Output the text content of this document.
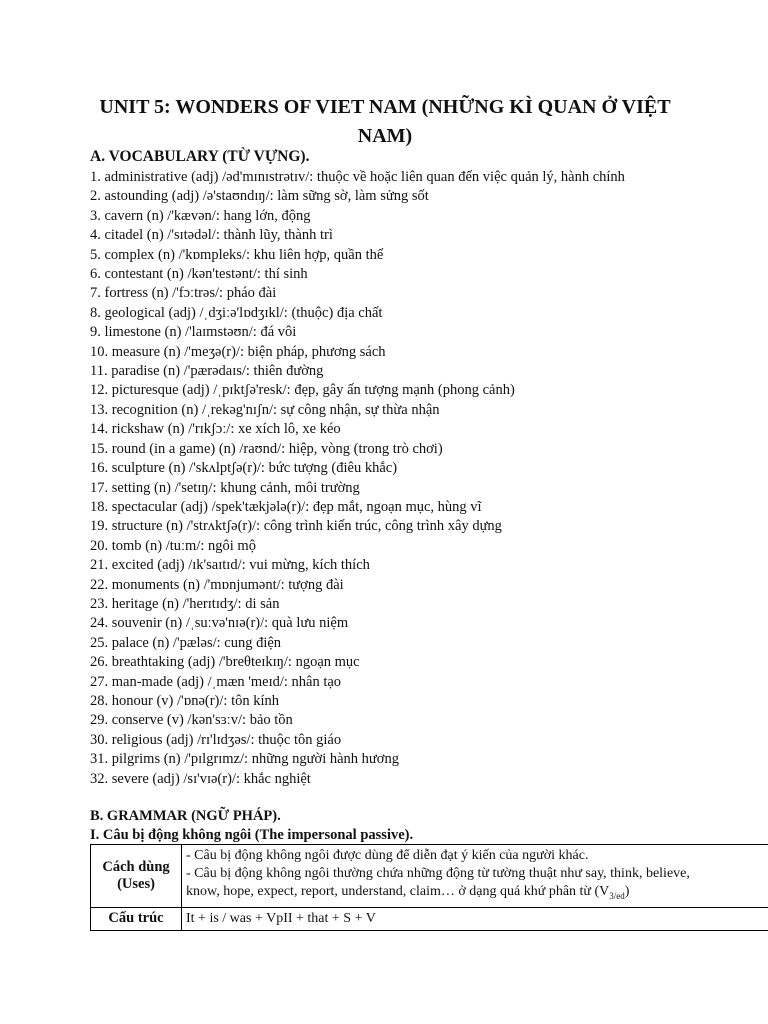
UNIT 5: WONDERS OF VIET NAM (NHỮNG KÌ QUAN Ở VIỆT
NAM)
A. VOCABULARY (TỪ VỰNG).
1. administrative (adj) /əd'mɪnɪstrətɪv/: thuộc về hoặc liên quan đến việc quản lý, hành chính
2. astounding (adj) /ə'staʊndɪŋ/: làm sững sờ, làm sửng sốt
3. cavern (n) /'kævən/: hang lớn, động
4. citadel (n) /'sɪtədəl/: thành lũy, thành trì
5. complex (n) /'kɒmpleks/: khu liên hợp, quần thể
6. contestant (n) /kən'testənt/: thí sinh
7. fortress (n) /'fɔːtrəs/: pháo đài
8. geological (adj) /ˌdʒiːə'lɒdʒɪkl/: (thuộc) địa chất
9. limestone (n) /'laɪmstəʊn/: đá vôi
10. measure (n) /'meʒə(r)/: biện pháp, phương sách
11. paradise (n) /'pærədaɪs/: thiên đường
12. picturesque (adj) /ˌpɪktʃə'resk/: đẹp, gây ấn tượng mạnh (phong cảnh)
13. recognition (n) /ˌrekəg'nɪʃn/: sự công nhận, sự thừa nhận
14. rickshaw (n) /'rɪkʃɔː/: xe xích lô, xe kéo
15. round (in a game) (n) /raʊnd/: hiệp, vòng (trong trò chơi)
16. sculpture (n) /'skʌlptʃə(r)/: bức tượng (điêu khắc)
17. setting (n) /'setɪŋ/: khung cảnh, môi trường
18. spectacular (adj) /spek'tækjələ(r)/: đẹp mắt, ngoạn mục, hùng vĩ
19. structure (n) /'strʌktʃə(r)/: công trình kiến trúc, công trình xây dựng
20. tomb (n) /tuːm/: ngôi mộ
21. excited (adj) /ɪk'saɪtɪd/: vui mừng, kích thích
22. monuments (n) /'mɒnjumənt/: tượng đài
23. heritage (n) /'herɪtɪdʒ/: di sản
24. souvenir (n) /ˌsuːvə'nɪə(r)/: quà lưu niệm
25. palace (n) /'pæləs/: cung điện
26. breathtaking (adj) /'breθteɪkɪŋ/: ngoạn mục
27. man-made (adj) /ˌmæn 'meɪd/: nhân tạo
28. honour (v) /'ɒnə(r)/: tôn kính
29. conserve (v) /kən'sɜːv/: bảo tồn
30. religious (adj) /rɪ'lɪdʒəs/: thuộc tôn giáo
31. pilgrims (n) /'pɪlgrɪmz/: những người hành hương
32. severe (adj) /sɪ'vɪə(r)/: khắc nghiệt
B. GRAMMAR (NGỮ PHÁP).
I. Câu bị động không ngôi (The impersonal passive).
Cách dùng (Uses)	- Câu bị động không ngôi được dùng để diễn đạt ý kiến của người khác.
- Câu bị động không ngôi thường chứa những động từ tường thuật như say, think, believe,
know, hope, expect, report, understand, claim… ở dạng quá khứ phân từ $(V_{3/ed})$

Cấu trúc	It + is / was + VpII + that + S + V
